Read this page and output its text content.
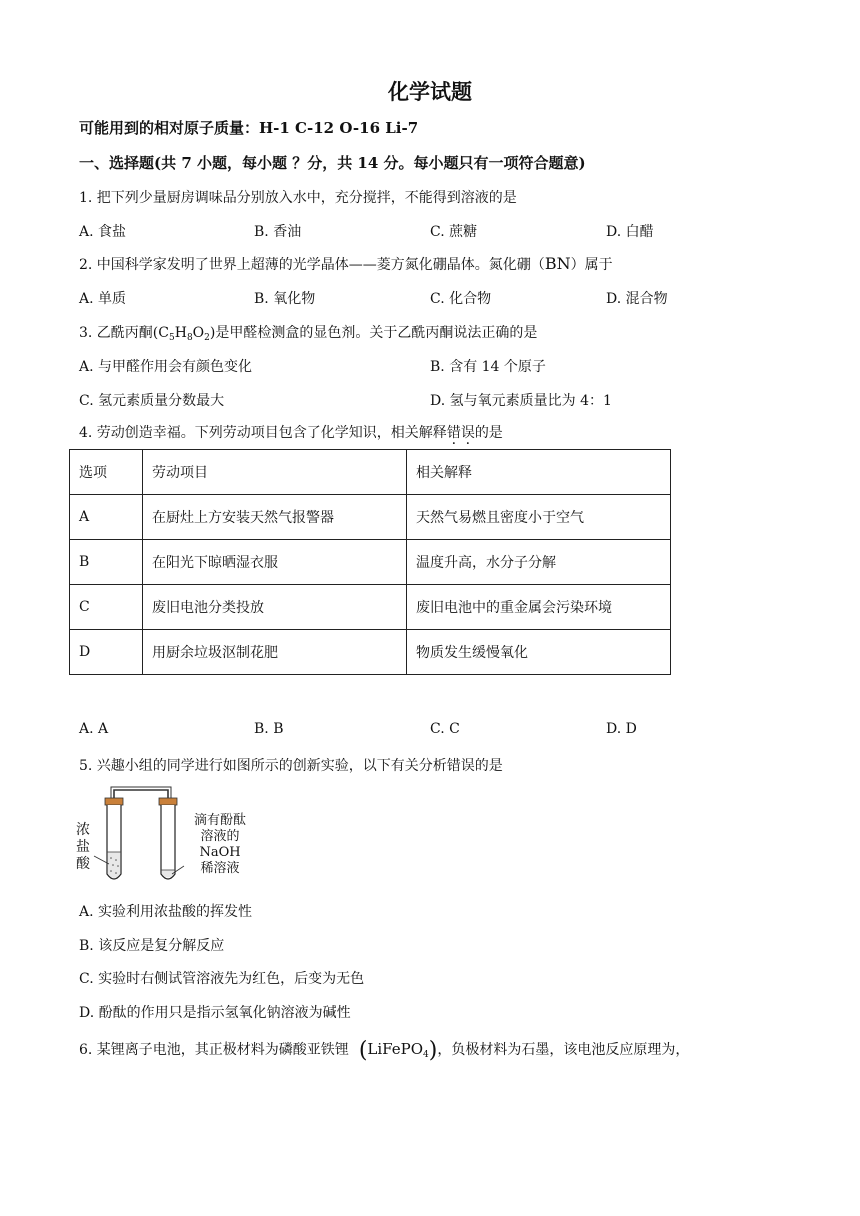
化学试题
可能用到的相对原子质量：H-1 C-12 O-16 Li-7
一、选择题(共 7 小题，每小题 ？分，共 14 分。每小题只有一项符合题意)
1. 把下列少量厨房调味品分别放入水中，充分搅拌，不能得到溶液的是
A. 食盐	B. 香油	C. 蔗糖	D. 白醋
2. 中国科学家发明了世界上超薄的光学晶体——菱方氮化硼晶体。氮化硼（BN）属于
A. 单质	B. 氧化物	C. 化合物	D. 混合物
3. 乙酰丙酮$(C_5H_8O_2)$是甲醛检测盒的显色剂。关于乙酰丙酮说法正确的是
A. 与甲醛作用会有颜色变化	B. 含有 14 个原子
C. 氢元素质量分数最大	D. 氢与氧元素质量比为 4：1
4. 劳动创造幸福。下列劳动项目包含了化学知识，相关解释错误的是
选项	劳动项目	相关解释
A	在厨灶上方安装天然气报警器	天然气易燃且密度小于空气
B	在阳光下晾晒湿衣服	温度升高，水分子分解
C	废旧电池分类投放	废旧电池中的重金属会污染环境
D	用厨余垃圾沤制花肥	物质发生缓慢氧化
A. A	B. B	C. C	D. D
5. 兴趣小组的同学进行如图所示的创新实验，以下有关分析错误的是
浓
盐
酸
滴有酚酞
溶液的
NaOH
稀溶液
A. 实验利用浓盐酸的挥发性
B. 该反应是复分解反应
C. 实验时右侧试管溶液先为红色，后变为无色
D. 酚酞的作用只是指示氢氧化钠溶液为碱性
6. 某锂离子电池，其正极材料为磷酸亚铁锂 (LiFePO$_4$)，负极材料为石墨，该电池反应原理为，
